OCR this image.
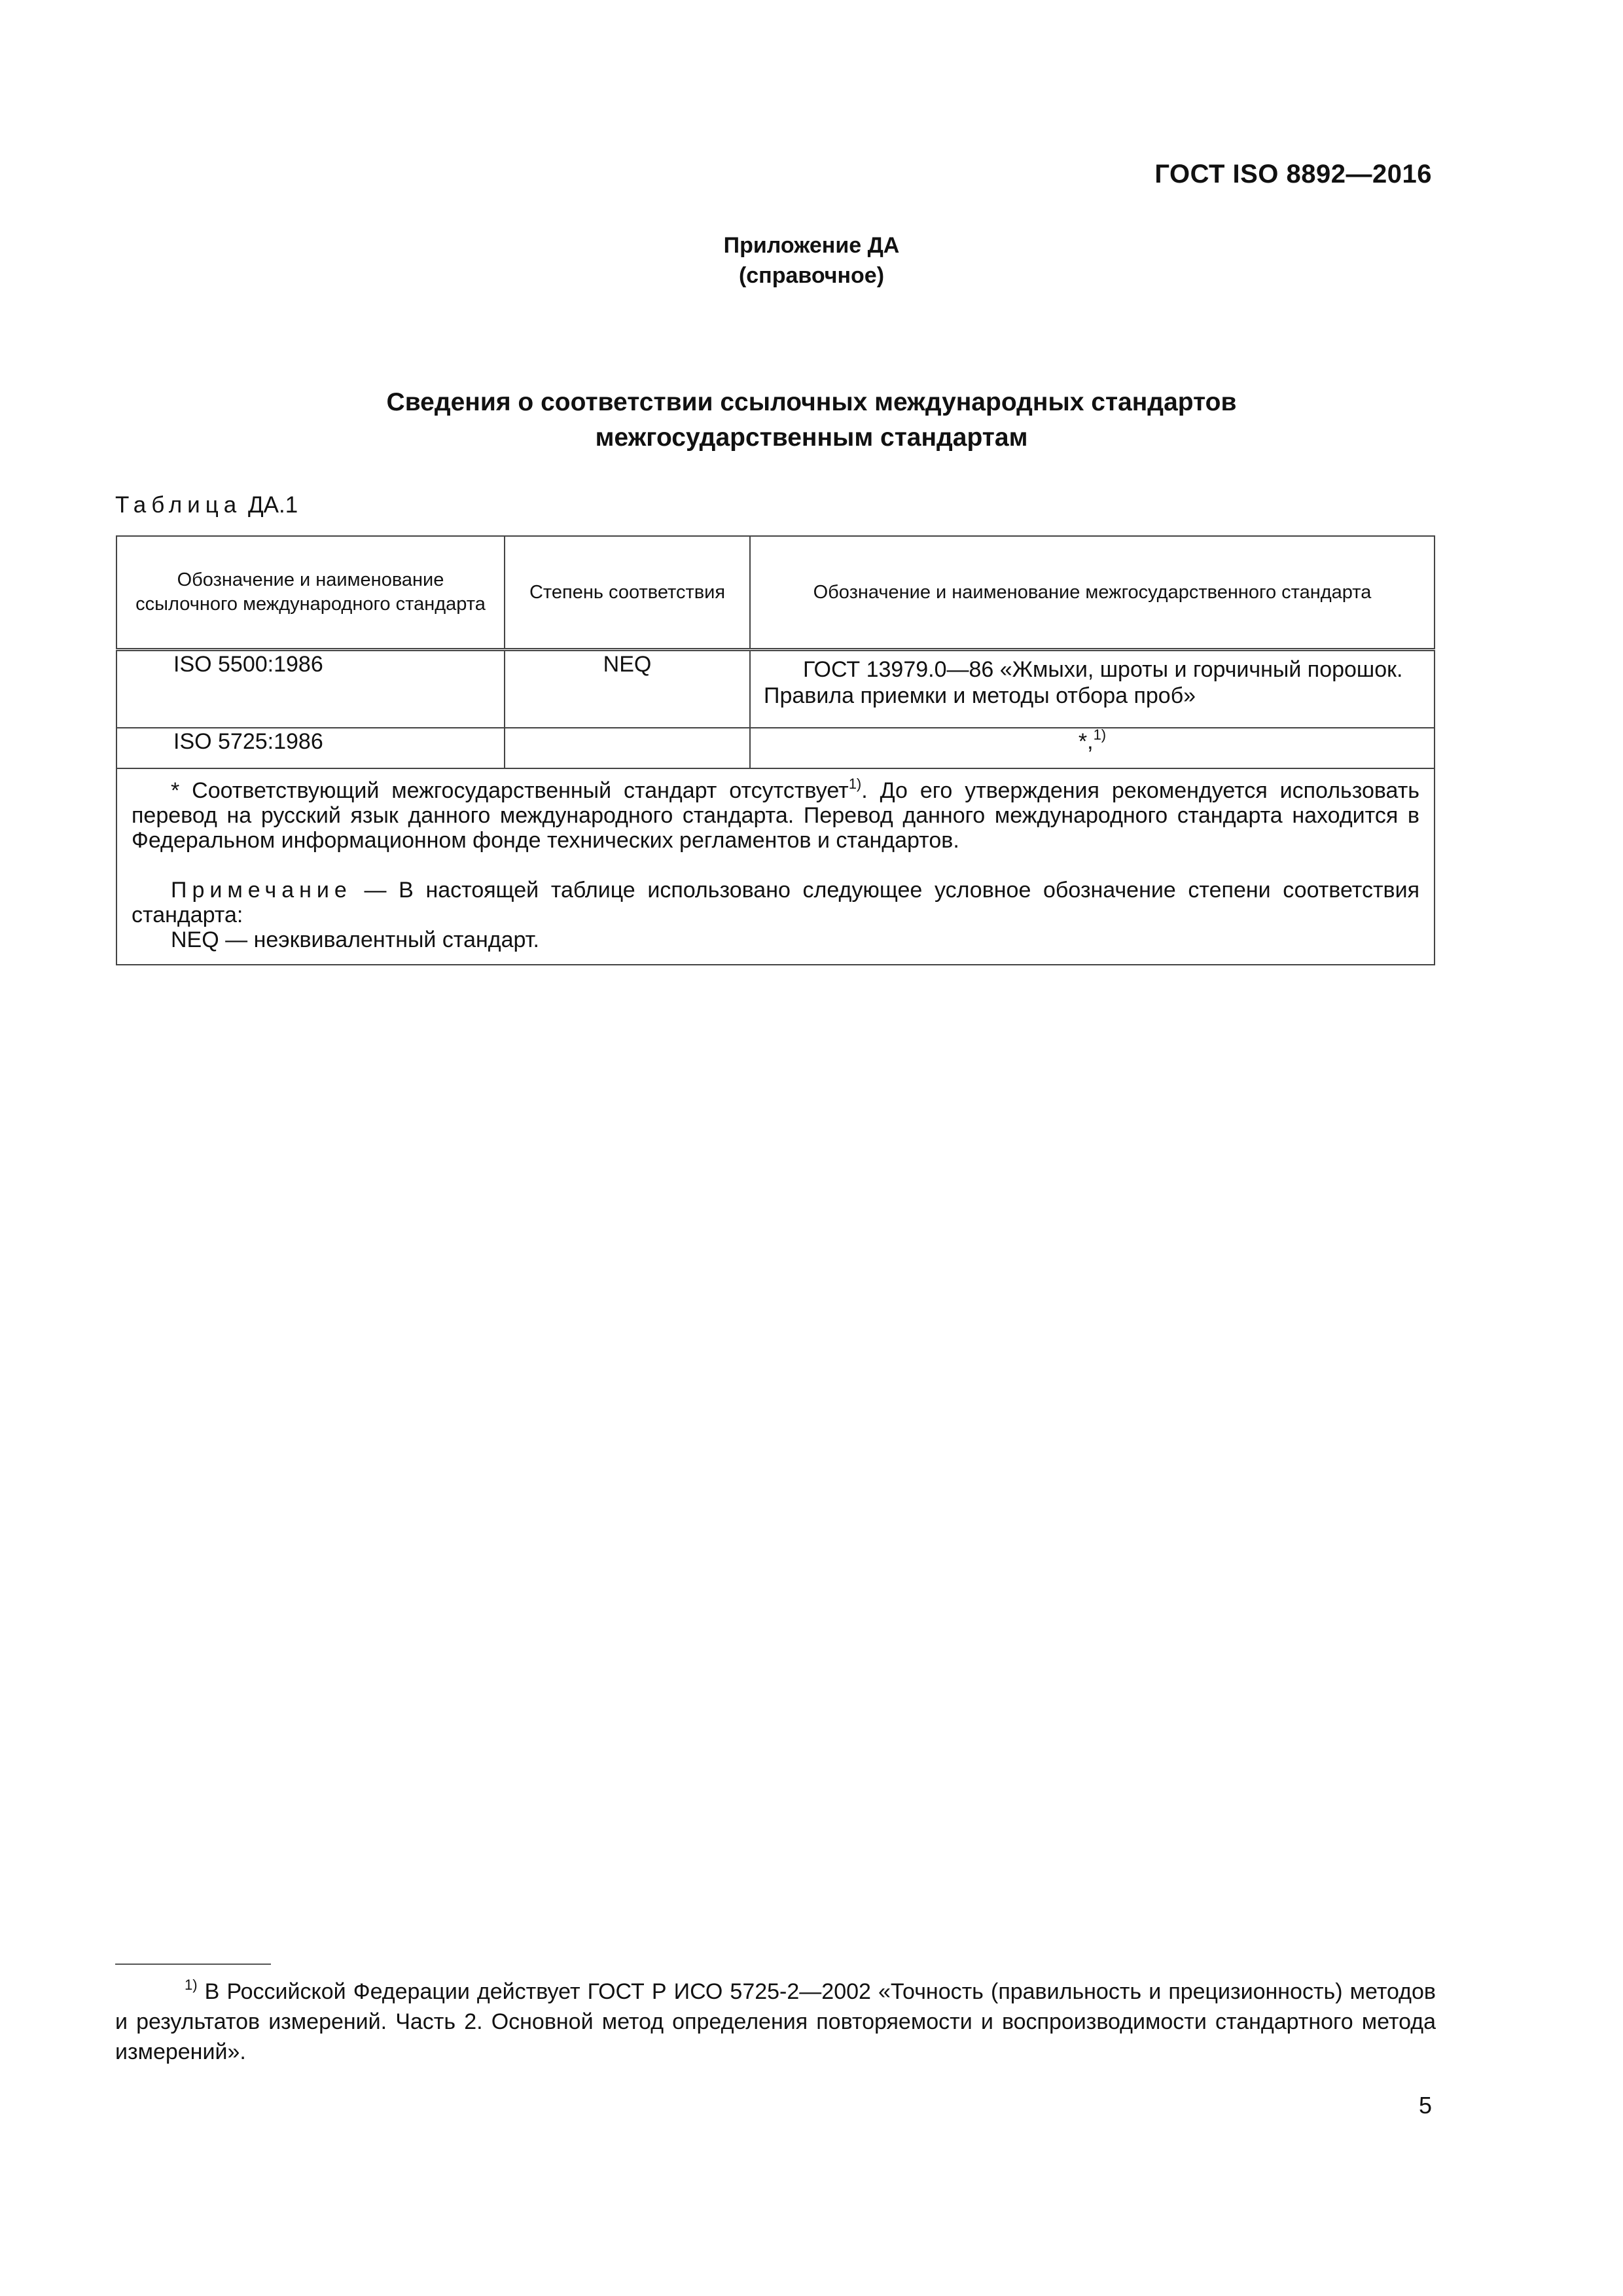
ГОСТ ISO 8892—2016
Приложение ДА
(справочное)
Сведения о соответствии ссылочных международных стандартов
межгосударственным стандартам
Таблица ДА.1
Обозначение и наименование ссылочного международного стандарта	Степень соответствия	Обозначение и наименование межгосударственного стандарта
ISO 5500:1986	NEQ	ГОСТ 13979.0—86 «Жмыхи, шроты и горчичный порошок. Правила приемки и методы отбора проб»
ISO 5725:1986		*,$^{1)}$

* Соответствующий межгосударственный стандарт отсутствует$^{1)}$. До его утверждения рекомендуется использовать перевод на русский язык данного международного стандарта. Перевод данного международного стандарта находится в Федеральном информационном фонде технических регламентов и стандартов.

Примечание — В настоящей таблице использовано следующее условное обозначение степени соответствия стандарта:

NEQ — неэквивалентный стандарт.		

$^{1)}$ В Российской Федерации действует ГОСТ Р ИСО 5725-2—2002 «Точность (правильность и прецизионность) методов и результатов измерений. Часть 2. Основной метод определения повторяемости и воспроизводимости стандартного метода измерений».
5
